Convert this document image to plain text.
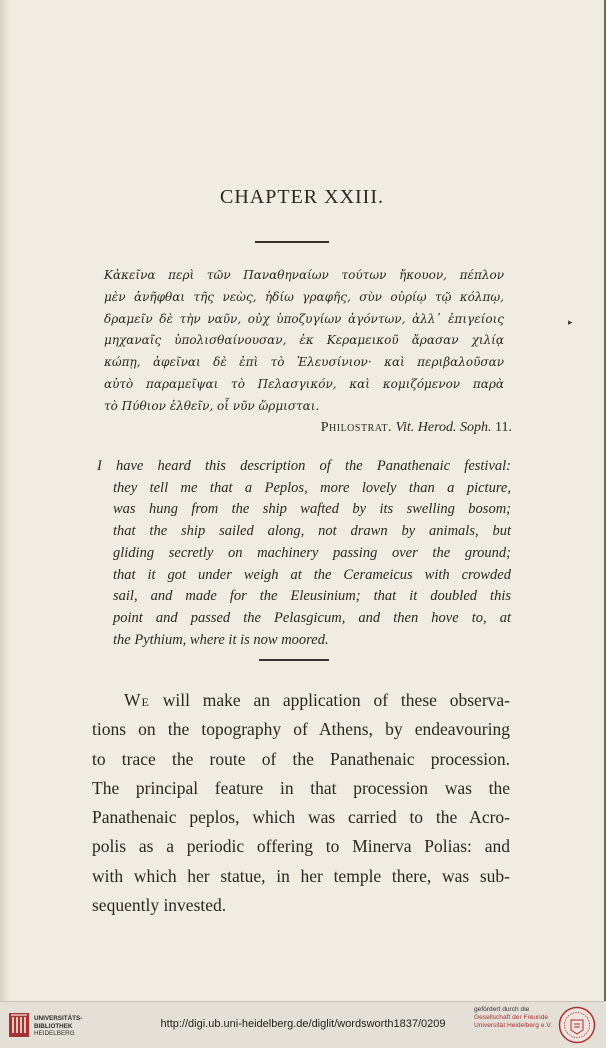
CHAPTER XXIII.
Κἀκεῖνα περὶ τῶν Παναθηναίων τούτων ἤκουον, πέπλον
μὲν ἀνῆφθαι τῆς νεὼς, ἡδίω γραφῆς, σὺν οὐρίῳ τῷ κόλπῳ,
δραμεῖν δὲ τὴν ναῦν, οὐχ ὑποζυγίων ἀγόντων, ἀλλ᾽ ἐπιγείοις
μηχαναῖς ὑπολισθαίνουσαν, ἐκ Κεραμεικοῦ ἄρασαν χιλίᾳ
κώπῃ, ἀφεῖναι δὲ ἐπὶ τὸ Ἐλευσίνιον· καὶ περιβαλοῦσαν
αὐτὸ παραμεῖψαι τὸ Πελασγικόν, καὶ κομιζόμενον παρὰ
τὸ Πύθιον ἐλθεῖν, οἷ νῦν ὥρμισται.
Philostrat. Vit. Herod. Soph. 11.
I have heard this description of the Panathenaic festival:
they tell me that a Peplos, more lovely than a picture,
was hung from the ship wafted by its swelling bosom;
that the ship sailed along, not drawn by animals, but
gliding secretly on machinery passing over the ground;
that it got under weigh at the Cerameicus with crowded
sail, and made for the Eleusinium; that it doubled this
point and passed the Pelasgicum, and then hove to, at
the Pythium, where it is now moored.
We will make an application of these observa-
tions on the topography of Athens, by endeavouring
to trace the route of the Panathenaic procession.
The principal feature in that procession was the
Panathenaic peplos, which was carried to the Acro-
polis as a periodic offering to Minerva Polias: and
with which her statue, in her temple there, was sub-
sequently invested.
▸
UNIVERSITÄTS-
BIBLIOTHEK
HEIDELBERG
http://digi.ub.uni-heidelberg.de/diglit/wordsworth1837/0209
gefördert durch die
Gesellschaft der Freunde
Universität Heidelberg e.V.
